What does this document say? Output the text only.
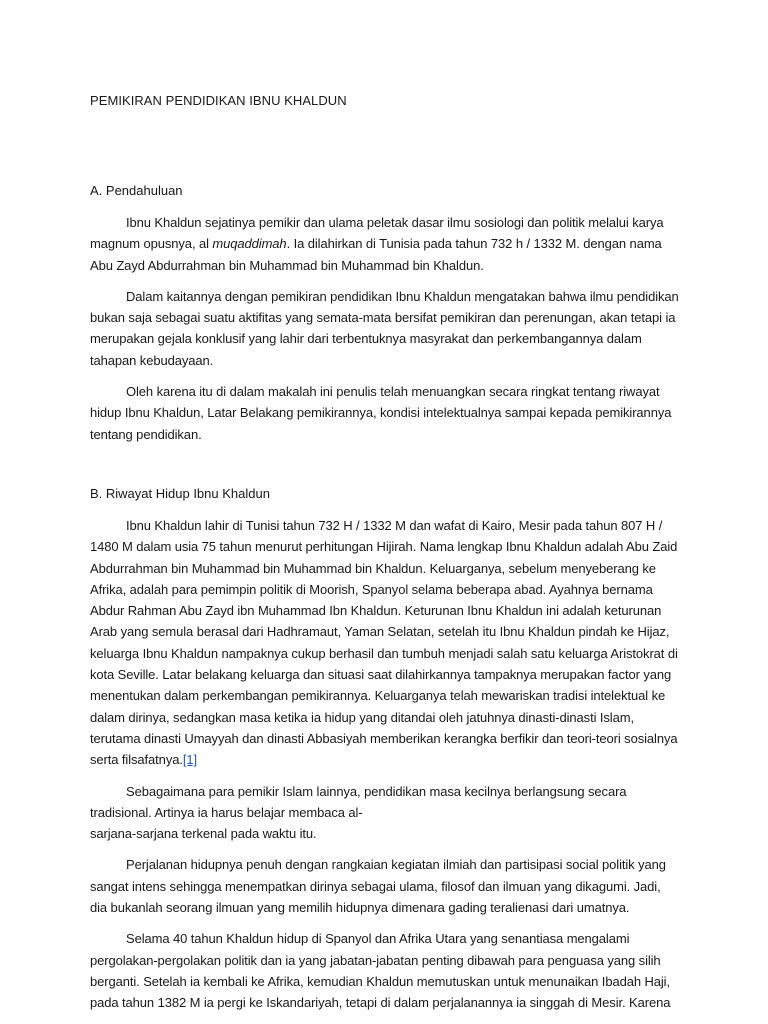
PEMIKIRAN PENDIDIKAN IBNU KHALDUN
A. Pendahuluan

Ibnu Khaldun sejatinya pemikir dan ulama peletak dasar ilmu sosiologi dan politik melalui karya magnum opusnya, al muqaddimah. Ia dilahirkan di Tunisia pada tahun 732 h / 1332 M. dengan nama Abu Zayd Abdurrahman bin Muhammad bin Muhammad bin Khaldun.

Dalam kaitannya dengan pemikiran pendidikan Ibnu Khaldun mengatakan bahwa ilmu pendidikan bukan saja sebagai suatu aktifitas yang semata-mata bersifat pemikiran dan perenungan, akan tetapi ia merupakan gejala konklusif yang lahir dari terbentuknya masyrakat dan perkembangannya dalam tahapan kebudayaan.

Oleh karena itu di dalam makalah ini penulis telah menuangkan secara ringkat tentang riwayat hidup Ibnu Khaldun, Latar Belakang pemikirannya, kondisi intelektualnya sampai kepada pemikirannya tentang pendidikan.

B. Riwayat Hidup Ibnu Khaldun

Ibnu Khaldun lahir di Tunisi tahun 732 H / 1332 M dan wafat di Kairo, Mesir pada tahun 807 H / 1480 M dalam usia 75 tahun menurut perhitungan Hijirah. Nama lengkap Ibnu Khaldun adalah Abu Zaid Abdurrahman bin Muhammad bin Muhammad bin Khaldun. Keluarganya, sebelum menyeberang ke Afrika, adalah para pemimpin politik di Moorish, Spanyol selama beberapa abad. Ayahnya bernama Abdur Rahman Abu Zayd ibn Muhammad Ibn Khaldun. Keturunan Ibnu Khaldun ini adalah keturunan Arab yang semula berasal dari Hadhramaut, Yaman Selatan, setelah itu Ibnu Khaldun pindah ke Hijaz, keluarga Ibnu Khaldun nampaknya cukup berhasil dan tumbuh menjadi salah satu keluarga Aristokrat di kota Seville. Latar belakang keluarga dan situasi saat dilahirkannya tampaknya merupakan factor yang menentukan dalam perkembangan pemikirannya. Keluarganya telah mewariskan tradisi intelektual ke dalam dirinya, sedangkan masa ketika ia hidup yang ditandai oleh jatuhnya dinasti-dinasti Islam, terutama dinasti Umayyah dan dinasti Abbasiyah memberikan kerangka berfikir dan teori-teori sosialnya serta filsafatnya.[1]

Sebagaimana para pemikir Islam lainnya, pendidikan masa kecilnya berlangsung secara tradisional. Artinya ia harus belajar membaca al-
sarjana-sarjana terkenal pada waktu itu.

Perjalanan hidupnya penuh dengan rangkaian kegiatan ilmiah dan partisipasi social politik yang sangat intens sehingga menempatkan dirinya sebagai ulama, filosof dan ilmuan yang dikagumi. Jadi, dia bukanlah seorang ilmuan yang memilih hidupnya dimenara gading teralienasi dari umatnya.

Selama 40 tahun Khaldun hidup di Spanyol dan Afrika Utara yang senantiasa mengalami pergolakan-pergolakan politik dan ia yang jabatan-jabatan penting dibawah para penguasa yang silih berganti. Setelah ia kembali ke Afrika, kemudian Khaldun memutuskan untuk menunaikan Ibadah Haji, pada tahun 1382 M ia pergi ke Iskandariyah, tetapi di dalam perjalanannya ia singgah di Mesir. Karena
